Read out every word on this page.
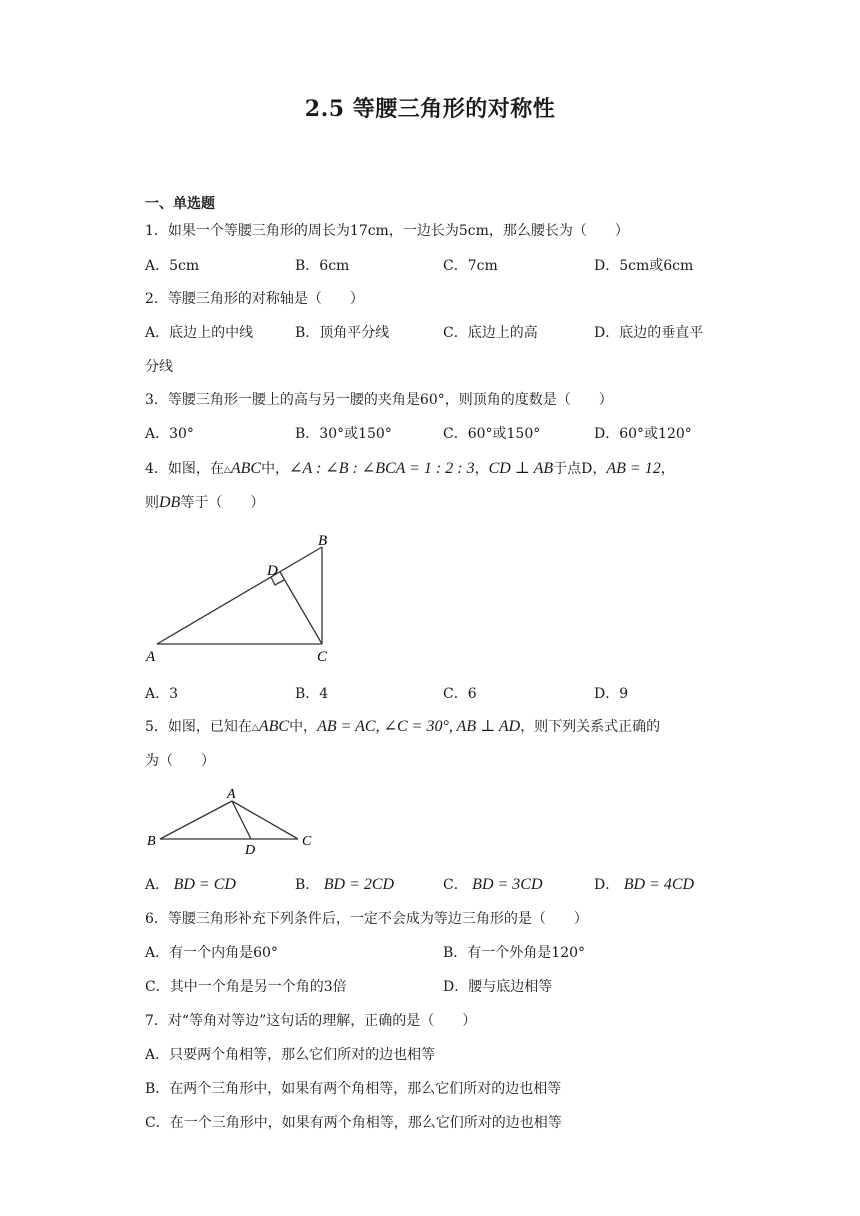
2.5 等腰三角形的对称性
一、单选题
1．如果一个等腰三角形的周长为17cm，一边长为5cm，那么腰长为（　　）
A．5cm	B．6cm	C．7cm	D．5cm或6cm
2．等腰三角形的对称轴是（　　）
A．底边上的中线	B．顶角平分线	C．底边上的高	D．底边的垂直平
分线
3．等腰三角形一腰上的高与另一腰的夹角是60°，则顶角的度数是（　　）
A．30°	B．30°或150°	C．60°或150°	D．60°或120°
4．如图，在△ABC中，∠A : ∠B : ∠BCA = 1 : 2 : 3，CD ⊥ AB于点D，AB = 12，
则DB等于（　　）
A
B
C
D
A．3	B．4	C．6	D．9
5．如图，已知在△ABC中，AB = AC, ∠C = 30°, AB ⊥ AD，则下列关系式正确的
为（　　）
A
B	C
D
A． BD = CD	B． BD = 2CD	C． BD = 3CD	D． BD = 4CD
6．等腰三角形补充下列条件后，一定不会成为等边三角形的是（　　）
A．有一个内角是60°	B．有一个外角是120°
C．其中一个角是另一个角的3倍	D．腰与底边相等
7．对“等角对等边”这句话的理解，正确的是（　　）
A．只要两个角相等，那么它们所对的边也相等
B．在两个三角形中，如果有两个角相等，那么它们所对的边也相等
C．在一个三角形中，如果有两个角相等，那么它们所对的边也相等
